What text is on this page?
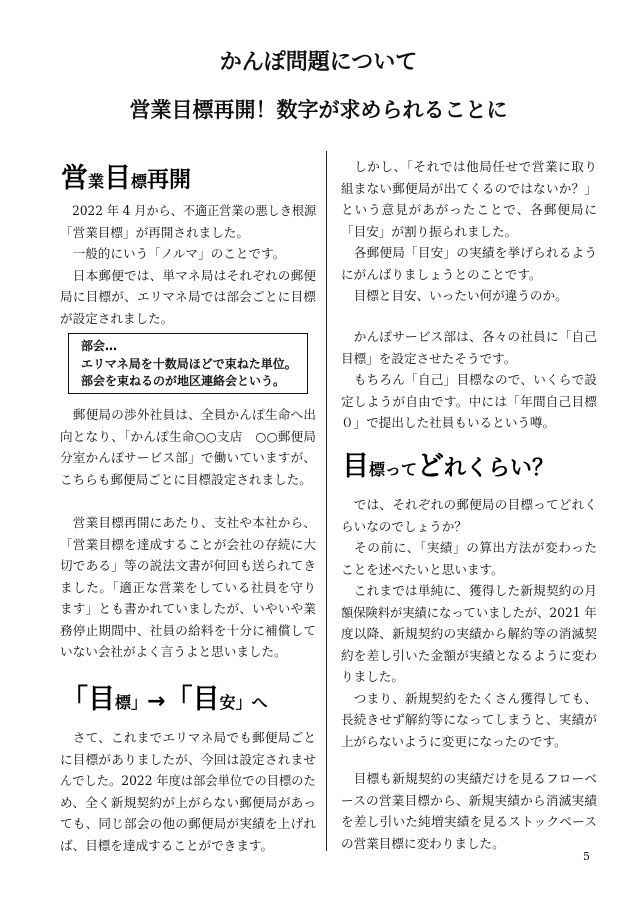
かんぽ問題について
営業目標再開！数字が求められることに
営業目標再開
　2022 年 4 月から、不適正営業の悪しき根源
「営業目標」が再開されました。
　一般的にいう「ノルマ」のことです。
　日本郵便では、単マネ局はそれぞれの郵便
局に目標が、エリマネ局では部会ごとに目標
が設定されました。
部会…
エリマネ局を十数局ほどで束ねた単位。
部会を束ねるのが地区連絡会という。
　郵便局の渉外社員は、全員かんぽ生命へ出
向となり、「かんぽ生命○○支店　○○郵便局
分室かんぽサービス部」で働いていますが、
こちらも郵便局ごとに目標設定されました。
　営業目標再開にあたり、支社や本社から、
「営業目標を達成することが会社の存続に大
切である」等の説法文書が何回も送られてき
ました。「適正な営業をしている社員を守り
ます」とも書かれていましたが、いやいや業
務停止期間中、社員の給料を十分に補償して
いない会社がよく言うよと思いました。
「目標」→「目安」へ
　さて、これまでエリマネ局でも郵便局ごと
に目標がありましたが、今回は設定されませ
んでした。2022 年度は部会単位での目標のた
め、全く新規契約が上がらない郵便局があっ
ても、同じ部会の他の郵便局が実績を上げれ
ば、目標を達成することができます。
　しかし、「それでは他局任せで営業に取り
組まない郵便局が出てくるのではないか？」
という意見があがったことで、各郵便局に
「目安」が割り振られました。
　各郵便局「目安」の実績を挙げられるよう
にがんばりましょうとのことです。
　目標と目安、いったい何が違うのか。
　かんぽサービス部は、各々の社員に「自己
目標」を設定させたそうです。
　もちろん「自己」目標なので、いくらで設
定しようが自由です。中には「年間自己目標
０」で提出した社員もいるという噂。
目標ってどれくらい？
　では、それぞれの郵便局の目標ってどれく
らいなのでしょうか？
　その前に、「実績」の算出方法が変わった
ことを述べたいと思います。
　これまでは単純に、獲得した新規契約の月
額保険料が実績になっていましたが、2021 年
度以降、新規契約の実績から解約等の消滅契
約を差し引いた金額が実績となるように変わ
りました。
　つまり、新規契約をたくさん獲得しても、
長続きせず解約等になってしまうと、実績が
上がらないように変更になったのです。
　目標も新規契約の実績だけを見るフローベ
ースの営業目標から、新規実績から消滅実績
を差し引いた純増実績を見るストックベース
の営業目標に変わりました。
5
